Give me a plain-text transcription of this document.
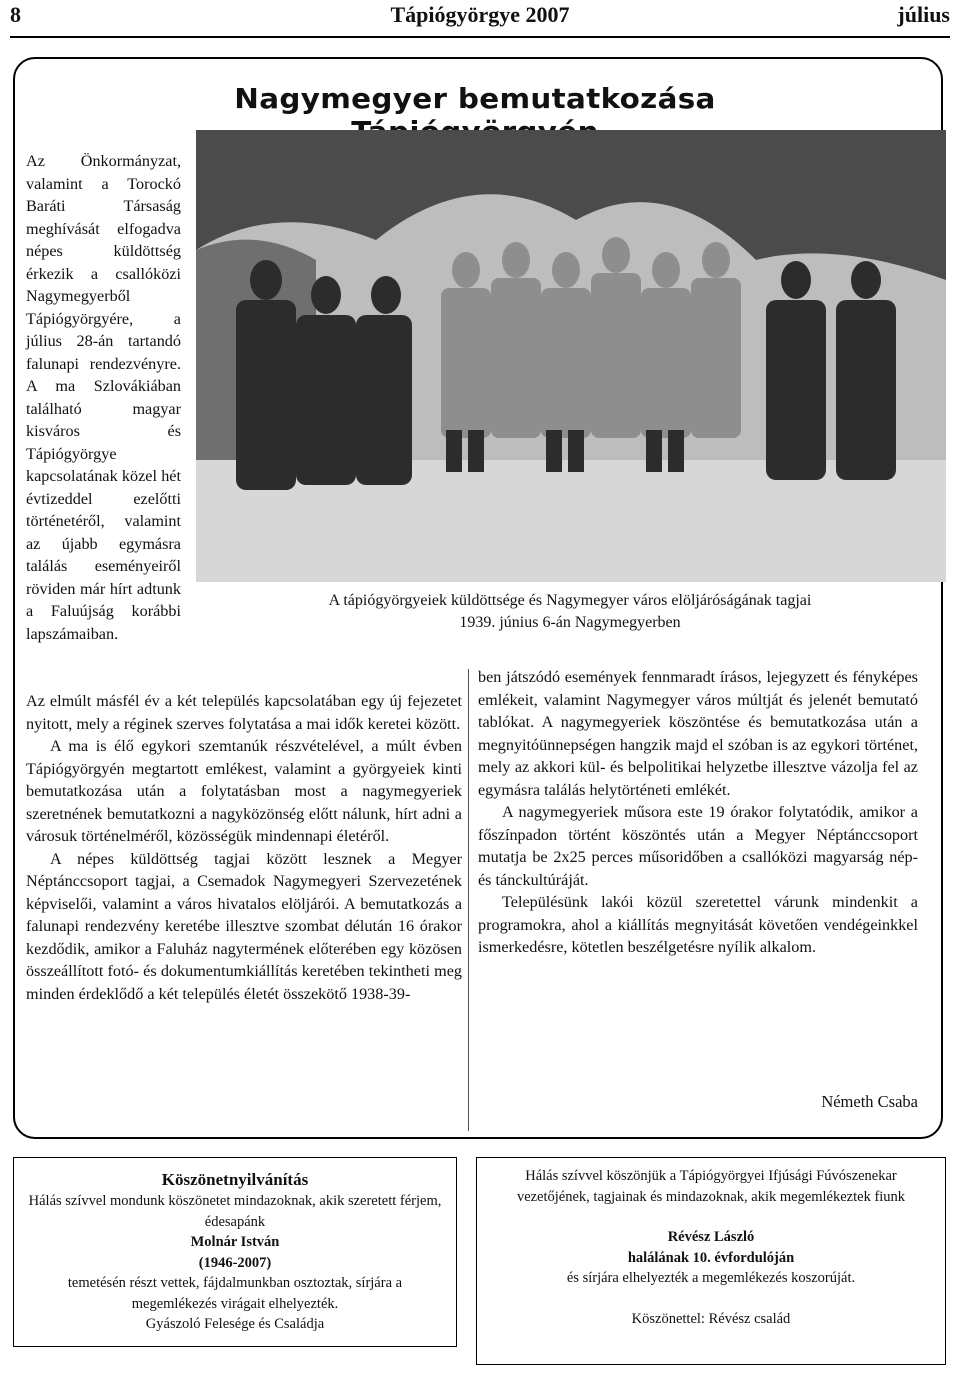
8	Tápiógyörgye 2007	július
Nagymegyer bemutatkozása

Az Önkormányzat, valamint a Torockó Baráti Társaság meghívását elfogadva népes küldöttség érkezik a csallóközi Nagymegyerből Tápiógyörgyére, a július 28-án tartandó falunapi rendezvényre. A ma Szlovákiában található magyar kisváros és Tápiógyörgye kapcsolatának közel hét évtizeddel ezelőtti történetéről, valamint az újabb egymásra találás eseményeiről röviden már hírt adtunk a Faluújság korábbi lapszámaiban.

A tápiógyörgyeiek küldöttsége és Nagymegyer város elöljáróságának tagjai
1939. június 6-án Nagymegyerben

Az elmúlt másfél év a két település kapcsolatában egy új fejezetet nyitott, mely a réginek szerves folytatása a mai idők keretei között.

A ma is élő egykori szemtanúk részvételével, a múlt évben Tápiógyörgyén megtartott emlékest, valamint a györgyeiek kinti bemutatkozása után a folytatásban most a nagymegyeriek szeretnének bemutatkozni a nagyközönség előtt nálunk, hírt adni a városuk történelméről, közösségük mindennapi életéről.

A népes küldöttség tagjai között lesznek a Megyer Néptánccsoport tagjai, a Csemadok Nagymegyeri Szervezetének képviselői, valamint a város hivatalos elöljárói. A bemutatkozás a falunapi rendezvény keretébe illesztve szombat délután 16 órakor kezdődik, amikor a Faluház nagytermének előterében egy közösen összeállított fotó- és dokumentumkiállítás keretében tekintheti meg minden érdeklődő a két település életét összekötő 1938-39-

ben játszódó események fennmaradt írásos, lejegyzett és fényképes emlékeit, valamint Nagymegyer város múltját és jelenét bemutató tablókat. A nagymegyeriek köszöntése és bemutatkozása után a megnyitóünnepségen hangzik majd el szóban is az egykori történet, mely az akkori kül- és belpolitikai helyzetbe illesztve vázolja fel az egymásra találás helytörténeti emlékét.

A nagymegyeriek műsora este 19 órakor folytatódik, amikor a főszínpadon történt köszöntés után a Megyer Néptánccsoport mutatja be 2x25 perces műsoridőben a csallóközi magyarság nép- és tánckultúráját.

Településünk lakói közül szeretettel várunk mindenkit a programokra, ahol a kiállítás megnyitását követően vendégeinkkel ismerkedésre, kötetlen beszélgetésre nyílik alkalom.

Németh Csaba
Köszönetnyilvánítás
Hálás szívvel mondunk köszönetet mindazoknak, akik szeretett férjem, édesapánk
Molnár István
(1946-2007)
temetésén részt vettek, fájdalmunkban osztoztak, sírjára a megemlékezés virágait elhelyezték.
Gyászoló Felesége és Családja
Hálás szívvel köszönjük a Tápiógyörgyei Ifjúsági Fúvószenekar vezetőjének, tagjainak és mindazoknak, akik megemlékeztek fiunk
Révész László
halálának 10. évfordulóján
és sírjára elhelyezték a megemlékezés koszorúját.
Köszönettel: Révész család
